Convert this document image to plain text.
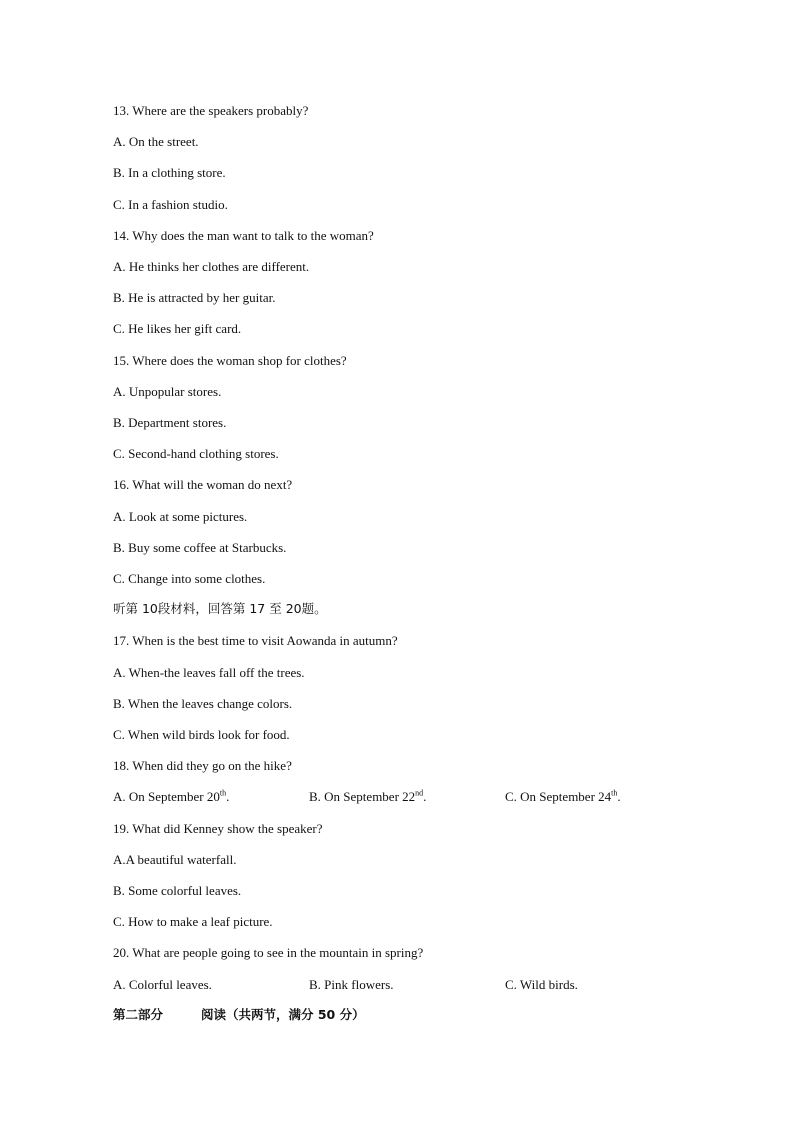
13. Where are the speakers probably?
A. On the street.
B. In a clothing store.
C. In a fashion studio.
14. Why does the man want to talk to the woman?
A. He thinks her clothes are different.
B. He is attracted by her guitar.
C. He likes her gift card.
15. Where does the woman shop for clothes?
A. Unpopular stores.
B. Department stores.
C. Second-hand clothing stores.
16. What will the woman do next?
A. Look at some pictures.
B. Buy some coffee at Starbucks.
C. Change into some clothes.
听第 10段材料，回答第 17 至 20题。
17. When is the best time to visit Aowanda in autumn?
A. When-the leaves fall off the trees.
B. When the leaves change colors.
C. When wild birds look for food.
18. When did they go on the hike?
A. On September 20th.	B. On September 22nd.	C. On September 24th.
19. What did Kenney show the speaker?
A.A beautiful waterfall.
B. Some colorful leaves.
C. How to make a leaf picture.
20. What are people going to see in the mountain in spring?
A. Colorful leaves.	B. Pink flowers.	C. Wild birds.
第二部分	阅读（共两节，满分 50 分）
